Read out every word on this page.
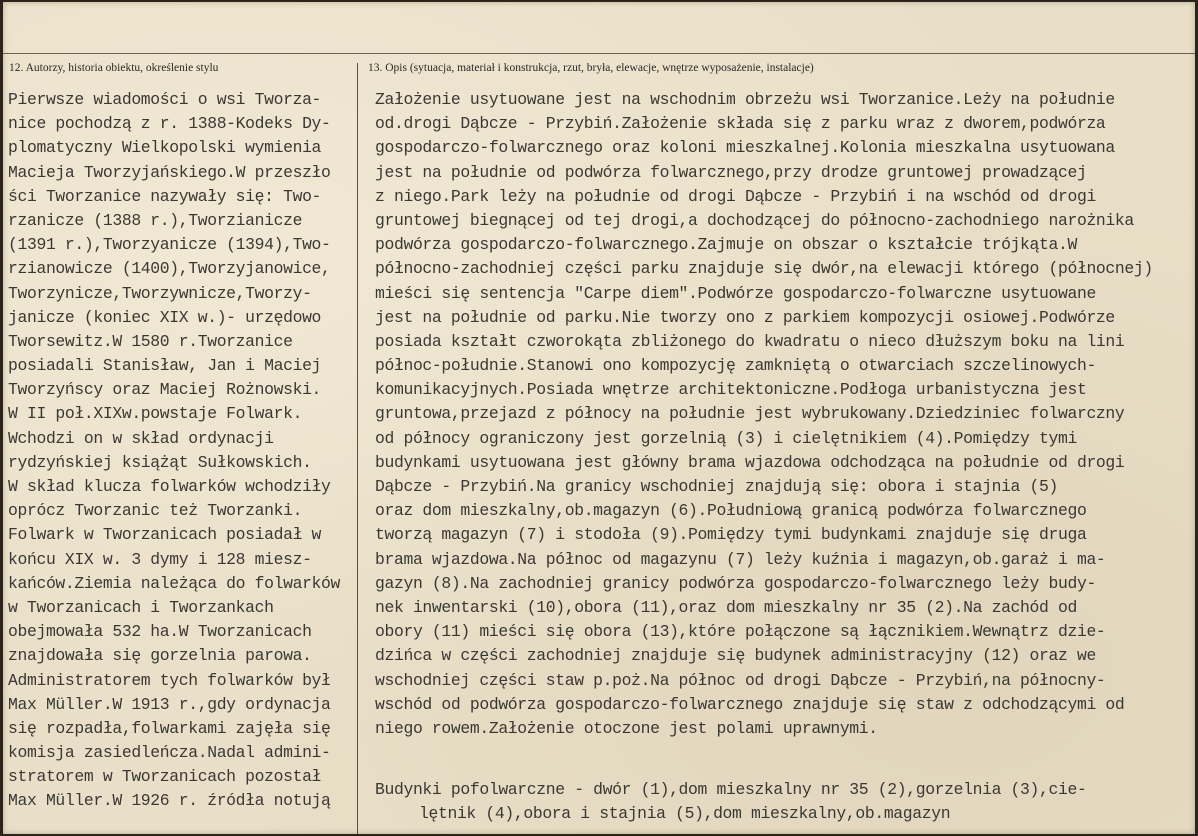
12. Autorzy, historia obiektu, określenie stylu	13. Opis (sytuacja, materiał i konstrukcja, rzut, bryła, elewacje, wnętrze wyposażenie, instalacje)
Pierwsze wiadomości o wsi Tworza-
nice pochodzą z r. 1388-Kodeks Dy-
plomatyczny Wielkopolski wymienia
Macieja Tworzyjańskiego.W przeszło
ści Tworzanice nazywały się: Two-
rzanicze (1388 r.),Tworzianicze
(1391 r.),Tworzyanicze (1394),Two-
rzianowicze (1400),Tworzyjanowice,
Tworzynicze,Tworzywnicze,Tworzy-
janicze (koniec XIX w.)- urzędowo
Tworsewitz.W 1580 r.Tworzanice
posiadali Stanisław, Jan i Maciej
Tworzyńscy oraz Maciej Rożnowski.
W II poł.XIXw.powstaje Folwark.
Wchodzi on w skład ordynacji
rydzyńskiej książąt Sułkowskich.
W skład klucza folwarków wchodziły
oprócz Tworzanic też Tworzanki.
Folwark w Tworzanicach posiadał w
końcu XIX w. 3 dymy i 128 miesz-
kańców.Ziemia należąca do folwarków
w Tworzanicach i Tworzankach
obejmowała 532 ha.W Tworzanicach
znajdowała się gorzelnia parowa.
Administratorem tych folwarków był
Max Müller.W 1913 r.,gdy ordynacja
się rozpadła,folwarkami zajęła się
komisja zasiedleńcza.Nadal admini-
stratorem w Tworzanicach pozostał
Max Müller.W 1926 r. źródła notują
Założenie usytuowane jest na wschodnim obrzeżu wsi Tworzanice.Leży na południe
od.drogi Dąbcze - Przybiń.Założenie składa się z parku wraz z dworem,podwórza
gospodarczo-folwarcznego oraz koloni mieszkalnej.Kolonia mieszkalna usytuowana
jest na południe od podwórza folwarcznego,przy drodze gruntowej prowadzącej
z niego.Park leży na południe od drogi Dąbcze - Przybiń i na wschód od drogi
gruntowej biegnącej od tej drogi,a dochodzącej do północno-zachodniego narożnika
podwórza gospodarczo-folwarcznego.Zajmuje on obszar o kształcie trójkąta.W
północno-zachodniej części parku znajduje się dwór,na elewacji którego (północnej)
mieści się sentencja "Carpe diem".Podwórze gospodarczo-folwarczne usytuowane
jest na południe od parku.Nie tworzy ono z parkiem kompozycji osiowej.Podwórze
posiada kształt czworokąta zbliżonego do kwadratu o nieco dłuższym boku na lini
północ-południe.Stanowi ono kompozycję zamkniętą o otwarciach szczelinowych-
komunikacyjnych.Posiada wnętrze architektoniczne.Podłoga urbanistyczna jest
gruntowa,przejazd z północy na południe jest wybrukowany.Dziedziniec folwarczny
od północy ograniczony jest gorzelnią (3) i cielętnikiem (4).Pomiędzy tymi
budynkami usytuowana jest główny brama wjazdowa odchodząca na południe od drogi
Dąbcze - Przybiń.Na granicy wschodniej znajdują się: obora i stajnia (5)
oraz dom mieszkalny,ob.magazyn (6).Południową granicą podwórza folwarcznego
tworzą magazyn (7) i stodoła (9).Pomiędzy tymi budynkami znajduje się druga
brama wjazdowa.Na północ od magazynu (7) leży kuźnia i magazyn,ob.garaż i ma-
gazyn (8).Na zachodniej granicy podwórza gospodarczo-folwarcznego leży budy-
nek inwentarski (10),obora (11),oraz dom mieszkalny nr 35 (2).Na zachód od
obory (11) mieści się obora (13),które połączone są łącznikiem.Wewnątrz dzie-
dzińca w części zachodniej znajduje się budynek administracyjny (12) oraz we
wschodniej części staw p.poż.Na północ od drogi Dąbcze - Przybiń,na północny-
wschód od podwórza gospodarczo-folwarcznego znajduje się staw z odchodzącymi od
niego rowem.Założenie otoczone jest polami uprawnymi.
Budynki pofolwarczne - dwór (1),dom mieszkalny nr 35 (2),gorzelnia (3),cie-
lętnik (4),obora i stajnia (5),dom mieszkalny,ob.magazyn
